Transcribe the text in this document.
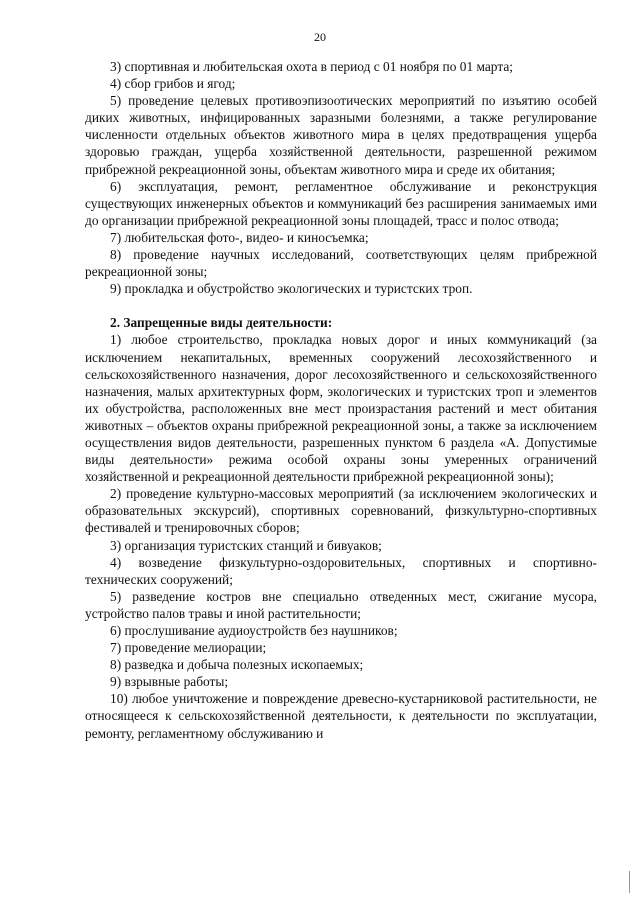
20

3) спортивная и любительская охота в период с 01 ноября по 01 марта;

4) сбор грибов и ягод;

5) проведение целевых противоэпизоотических мероприятий по изъятию особей диких животных, инфицированных заразными болезнями, а также регулирование численности отдельных объектов животного мира в целях предотвращения ущерба здоровью граждан, ущерба хозяйственной деятельности, разрешенной режимом прибрежной рекреационной зоны, объектам животного мира и среде их обитания;

6) эксплуатация, ремонт, регламентное обслуживание и реконструкция существующих инженерных объектов и коммуникаций без расширения занимаемых ими до организации прибрежной рекреационной зоны площадей, трасс и полос отвода;

7) любительская фото-, видео- и киносъемка;

8) проведение научных исследований, соответствующих целям прибрежной рекреационной зоны;

9) прокладка и обустройство экологических и туристских троп.

2. Запрещенные виды деятельности:

1) любое строительство, прокладка новых дорог и иных коммуникаций (за исключением некапитальных, временных сооружений лесохозяйственного и сельскохозяйственного назначения, дорог лесохозяйственного и сельскохозяйственного назначения, малых архитектурных форм, экологических и туристских троп и элементов их обустройства, расположенных вне мест произрастания растений и мест обитания животных – объектов охраны прибрежной рекреационной зоны, а также за исключением осуществления видов деятельности, разрешенных пунктом 6 раздела «А. Допустимые виды деятельности» режима особой охраны зоны умеренных ограничений хозяйственной и рекреационной деятельности прибрежной рекреационной зоны);

2) проведение культурно-массовых мероприятий (за исключением экологических и образовательных экскурсий), спортивных соревнований, физкультурно-спортивных фестивалей и тренировочных сборов;

3) организация туристских станций и бивуаков;

4) возведение физкультурно-оздоровительных, спортивных и спортивно-технических сооружений;

5) разведение костров вне специально отведенных мест, сжигание мусора, устройство палов травы и иной растительности;

6) прослушивание аудиоустройств без наушников;

7) проведение мелиорации;

8) разведка и добыча полезных ископаемых;

9) взрывные работы;

10) любое уничтожение и повреждение древесно-кустарниковой растительности, не относящееся к сельскохозяйственной деятельности, к деятельности по эксплуатации, ремонту, регламентному обслуживанию и
